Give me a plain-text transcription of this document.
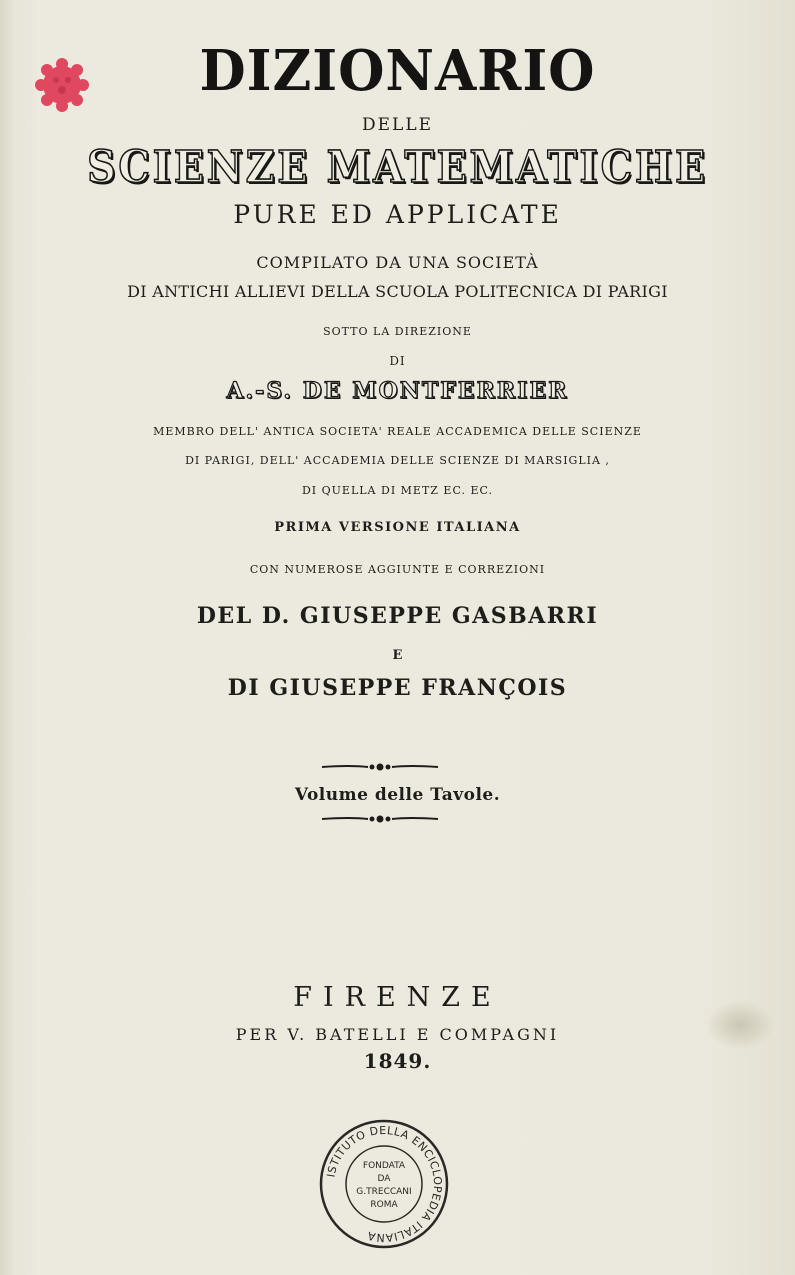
DIZIONARIO
DELLE
SCIENZE MATEMATICHE
PURE ED APPLICATE
COMPILATO DA UNA SOCIETÀ
DI ANTICHI ALLIEVI DELLA SCUOLA POLITECNICA DI PARIGI
SOTTO LA DIREZIONE
DI
A.-S. DE MONTFERRIER
MEMBRO DELL' ANTICA SOCIETA' REALE ACCADEMICA DELLE SCIENZE
DI PARIGI, DELL' ACCADEMIA DELLE SCIENZE DI MARSIGLIA ,
DI QUELLA DI METZ EC. EC.
PRIMA VERSIONE ITALIANA
CON NUMEROSE AGGIUNTE E CORREZIONI
DEL D. GIUSEPPE GASBARRI
E
DI GIUSEPPE FRANÇOIS
Volume delle Tavole.
FIRENZE
PER V. BATELLI E COMPAGNI
1849.
ISTITUTO DELLA ENCICLOPEDIA ITALIANA
FONDATA
DA
G.TRECCANI
ROMA
